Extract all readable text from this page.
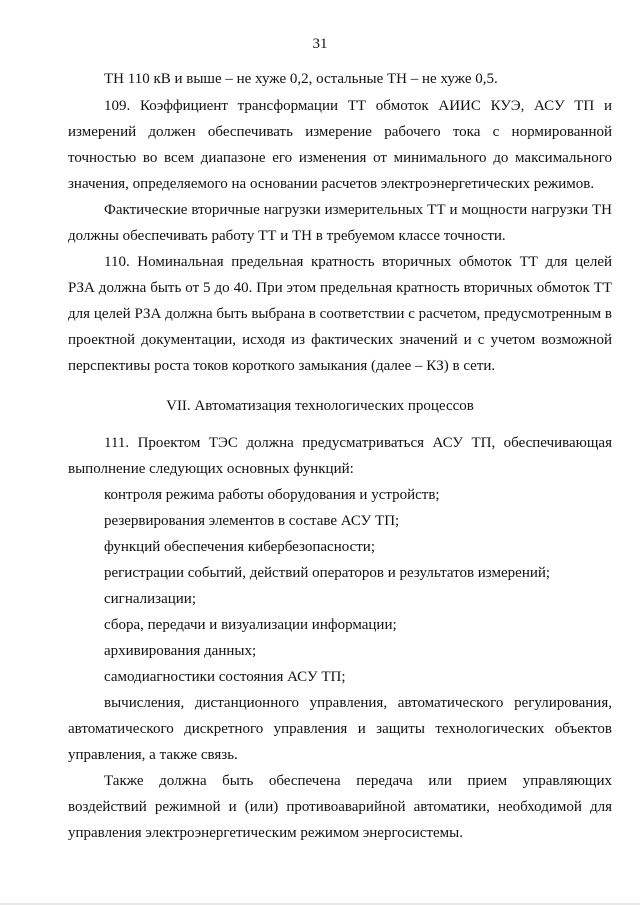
31
ТН 110 кВ и выше – не хуже 0,2, остальные ТН – не хуже 0,5.
109. Коэффициент трансформации ТТ обмоток АИИС КУЭ, АСУ ТП и
измерений должен обеспечивать измерение рабочего тока с нормированной
точностью во всем диапазоне его изменения от минимального до максимального
значения, определяемого на основании расчетов электроэнергетических режимов.
Фактические вторичные нагрузки измерительных ТТ и мощности нагрузки ТН
должны обеспечивать работу ТТ и ТН в требуемом классе точности.
110. Номинальная предельная кратность вторичных обмоток ТТ для целей
РЗА должна быть от 5 до 40. При этом предельная кратность вторичных обмоток ТТ
для целей РЗА должна быть выбрана в соответствии с расчетом, предусмотренным в
проектной документации, исходя из фактических значений и с учетом возможной
перспективы роста токов короткого замыкания (далее – КЗ) в сети.
VII. Автоматизация технологических процессов
111. Проектом ТЭС должна предусматриваться АСУ ТП, обеспечивающая
выполнение следующих основных функций:
контроля режима работы оборудования и устройств;
резервирования элементов в составе АСУ ТП;
функций обеспечения кибербезопасности;
регистрации событий, действий операторов и результатов измерений;
сигнализации;
сбора, передачи и визуализации информации;
архивирования данных;
самодиагностики состояния АСУ ТП;
вычисления, дистанционного управления, автоматического регулирования,
автоматического дискретного управления и защиты технологических объектов
управления, а также связь.
Также должна быть обеспечена передача или прием управляющих
воздействий режимной и (или) противоаварийной автоматики, необходимой для
управления электроэнергетическим режимом энергосистемы.
